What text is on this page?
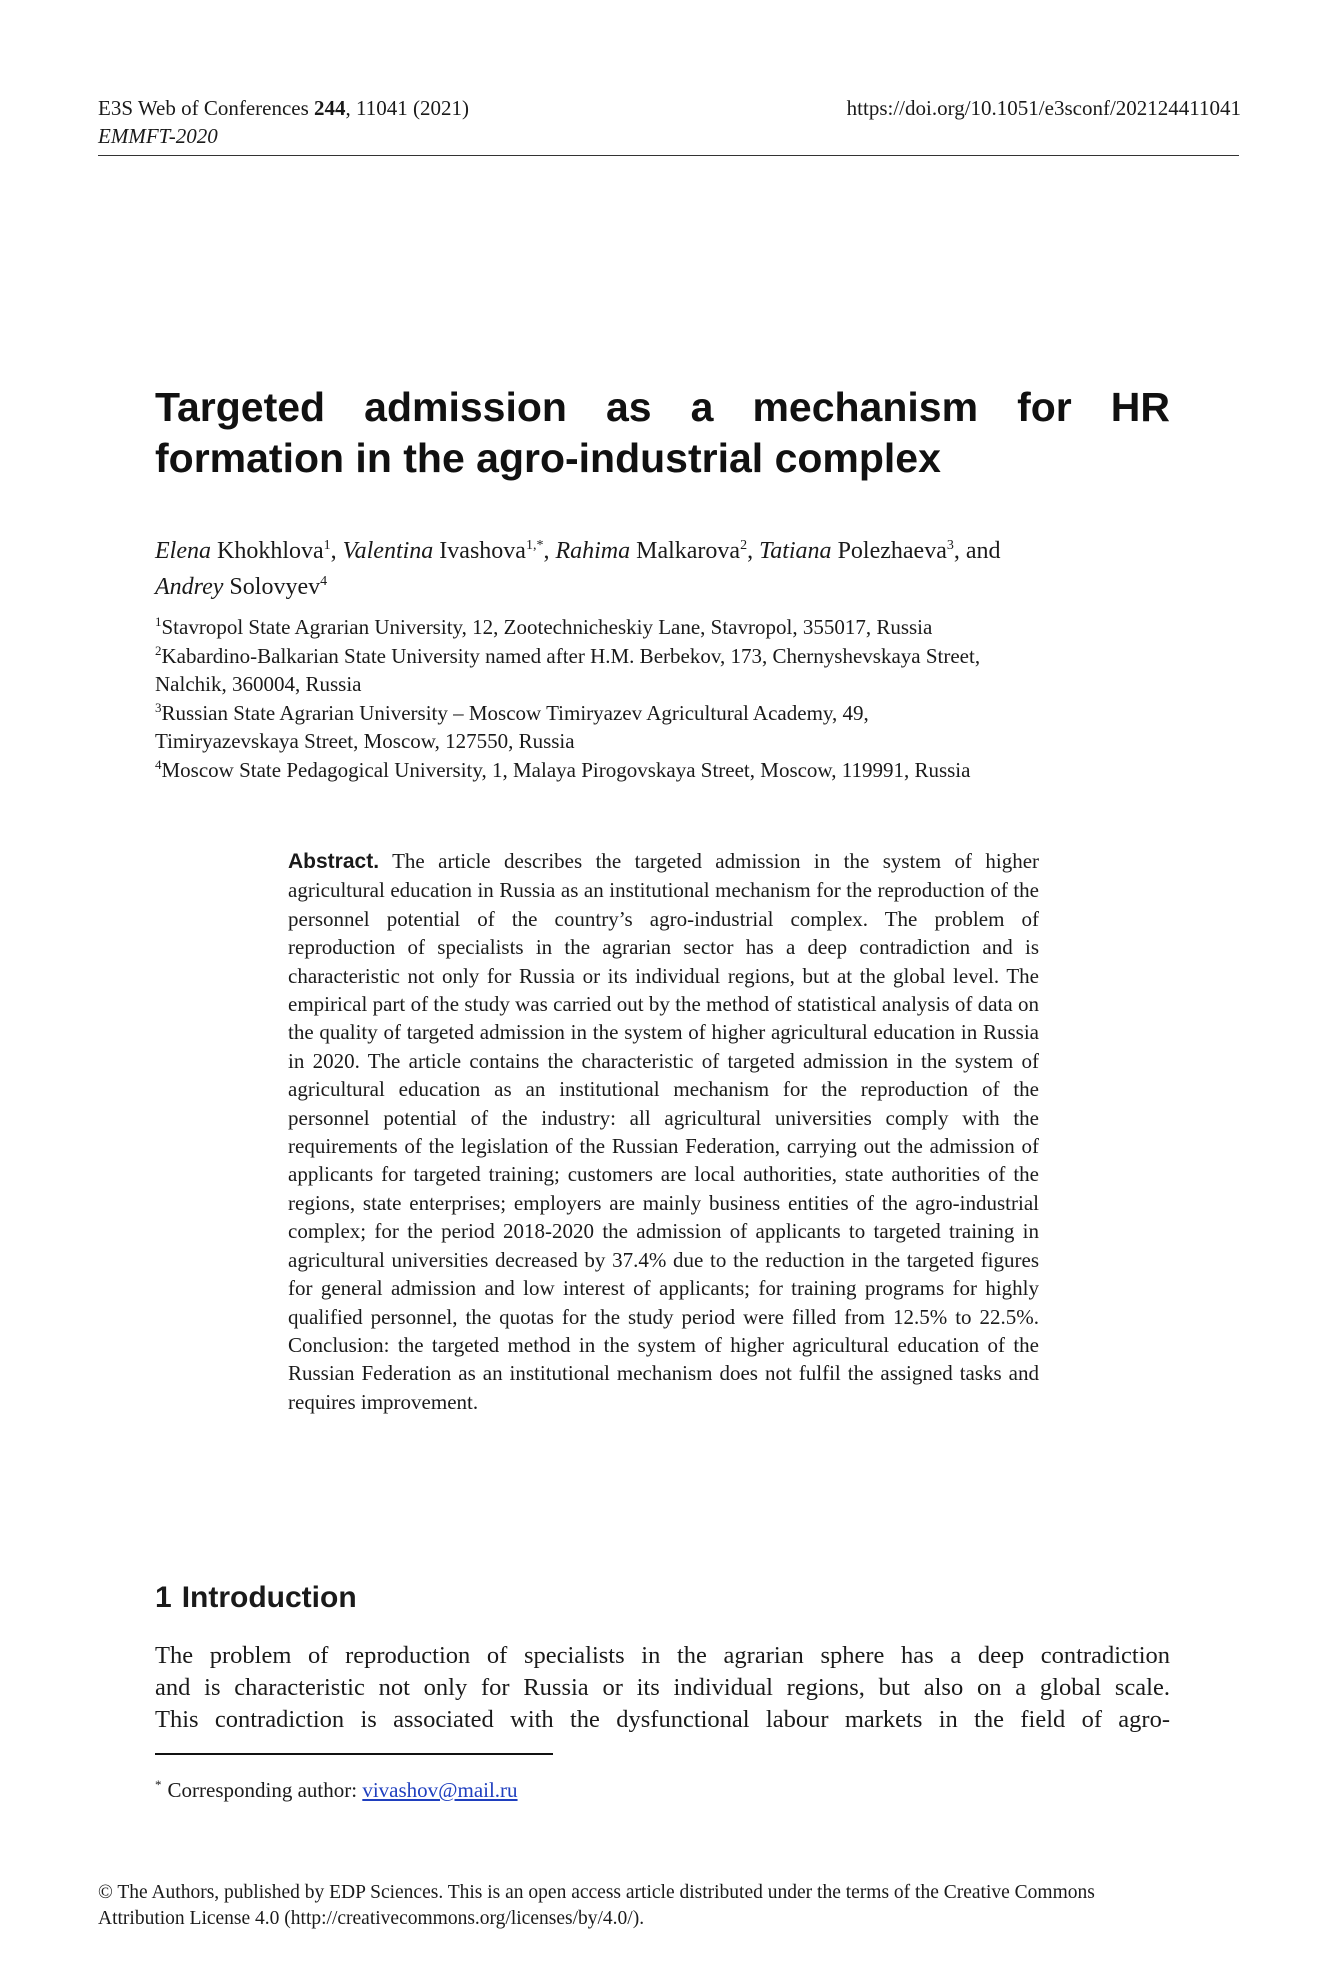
E3S Web of Conferences 244, 11041 (2021)
EMMFT-2020
https://doi.org/10.1051/e3sconf/202124411041
Targeted admission as a mechanism for HR formation in the agro-industrial complex
Elena Khokhlova$^1$, Valentina Ivashova$^{1,*}$, Rahima Malkarova$^2$, Tatiana Polezhaeva$^3$, and
Andrey Solovyev$^4$
$^1$Stavropol State Agrarian University, 12, Zootechnicheskiy Lane, Stavropol, 355017, Russia
$^2$Kabardino-Balkarian State University named after H.M. Berbekov, 173, Chernyshevskaya Street,
Nalchik, 360004, Russia
$^3$Russian State Agrarian University – Moscow Timiryazev Agricultural Academy, 49,
Timiryazevskaya Street, Moscow, 127550, Russia
$^4$Moscow State Pedagogical University, 1, Malaya Pirogovskaya Street, Moscow, 119991, Russia
Abstract. The article describes the targeted admission in the system of higher agricultural education in Russia as an institutional mechanism for the reproduction of the personnel potential of the country’s agro-industrial complex. The problem of reproduction of specialists in the agrarian sector has a deep contradiction and is characteristic not only for Russia or its individual regions, but at the global level. The empirical part of the study was carried out by the method of statistical analysis of data on the quality of targeted admission in the system of higher agricultural education in Russia in 2020. The article contains the characteristic of targeted admission in the system of agricultural education as an institutional mechanism for the reproduction of the personnel potential of the industry: all agricultural universities comply with the requirements of the legislation of the Russian Federation, carrying out the admission of applicants for targeted training; customers are local authorities, state authorities of the regions, state enterprises; employers are mainly business entities of the agro-industrial complex; for the period 2018-2020 the admission of applicants to targeted training in agricultural universities decreased by 37.4% due to the reduction in the targeted figures for general admission and low interest of applicants; for training programs for highly qualified personnel, the quotas for the study period were filled from 12.5% to 22.5%. Conclusion: the targeted method in the system of higher agricultural education of the Russian Federation as an institutional mechanism does not fulfil the assigned tasks and requires improvement.
1 Introduction
The problem of reproduction of specialists in the agrarian sphere has a deep contradiction
and is characteristic not only for Russia or its individual regions, but also on a global scale.
This contradiction is associated with the dysfunctional labour markets in the field of agro-
* Corresponding author: vivashov@mail.ru
© The Authors, published by EDP Sciences. This is an open access article distributed under the terms of the Creative Commons
Attribution License 4.0 (http://creativecommons.org/licenses/by/4.0/).
